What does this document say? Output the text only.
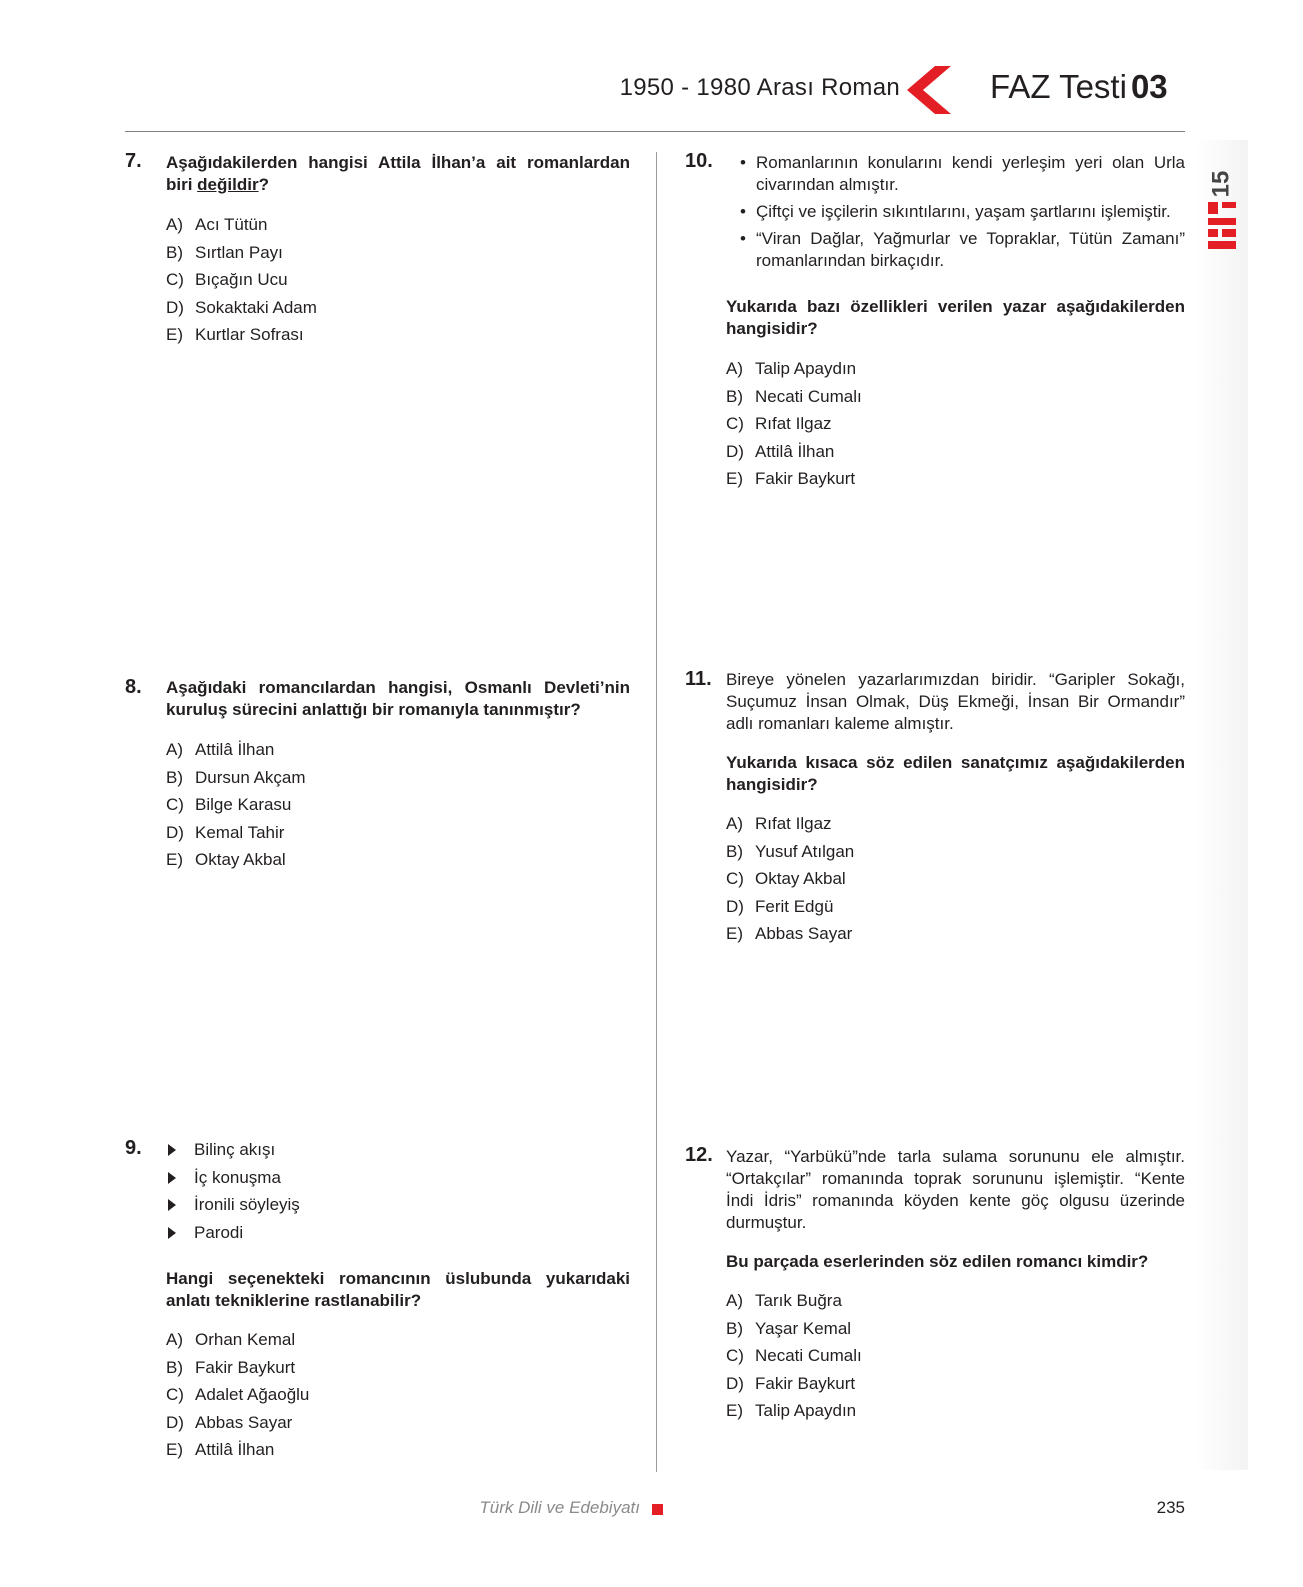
1950 - 1980 Arası Roman	FAZ Testi 03
15
7. Aşağıdakilerden hangisi Attila İlhan’a ait romanlardan biri değildir?
A) Acı Tütün
B) Sırtlan Payı
C) Bıçağın Ucu
D) Sokaktaki Adam
E) Kurtlar Sofrası
8. Aşağıdaki romancılardan hangisi, Osmanlı Devleti’nin kuruluş sürecini anlattığı bir romanıyla tanınmıştır?
A) Attilâ İlhan
B) Dursun Akçam
C) Bilge Karasu
D) Kemal Tahir
E) Oktay Akbal
9.	Bilinç akışı
İç konuşma
İronili söyleyiş
Parodi
Hangi seçenekteki romancının üslubunda yukarıdaki anlatı tekniklerine rastlanabilir?
A) Orhan Kemal
B) Fakir Baykurt
C) Adalet Ağaoğlu
D) Abbas Sayar
E) Attilâ İlhan
10.
•	Romanlarının konularını kendi yerleşim yeri olan Urla civarından almıştır.
• Çiftçi ve işçilerin sıkıntılarını, yaşam şartlarını işlemiştir.
• “Viran Dağlar, Yağmurlar ve Topraklar, Tütün Zamanı” romanlarından birkaçıdır.
Yukarıda bazı özellikleri verilen yazar aşağıdakilerden hangisidir?
A) Talip Apaydın
B) Necati Cumalı
C) Rıfat Ilgaz
D) Attilâ İlhan
E) Fakir Baykurt
11. Bireye yönelen yazarlarımızdan biridir. “Garipler Sokağı, Suçumuz İnsan Olmak, Düş Ekmeği, İnsan Bir Ormandır” adlı romanları kaleme almıştır.
Yukarıda kısaca söz edilen sanatçımız aşağıdakilerden hangisidir?
A) Rıfat Ilgaz
B) Yusuf Atılgan
C) Oktay Akbal
D) Ferit Edgü
E) Abbas Sayar
12. Yazar, “Yarbükü”nde tarla sulama sorununu ele almıştır. “Ortakçılar” romanında toprak sorununu işlemiştir. “Kente İndi İdris” romanında köyden kente göç olgusu üzerinde durmuştur.
Bu parçada eserlerinden söz edilen romancı kimdir?
A) Tarık Buğra
B) Yaşar Kemal
C) Necati Cumalı
D) Fakir Baykurt
E) Talip Apaydın
Türk Dili ve Edebiyatı	235
